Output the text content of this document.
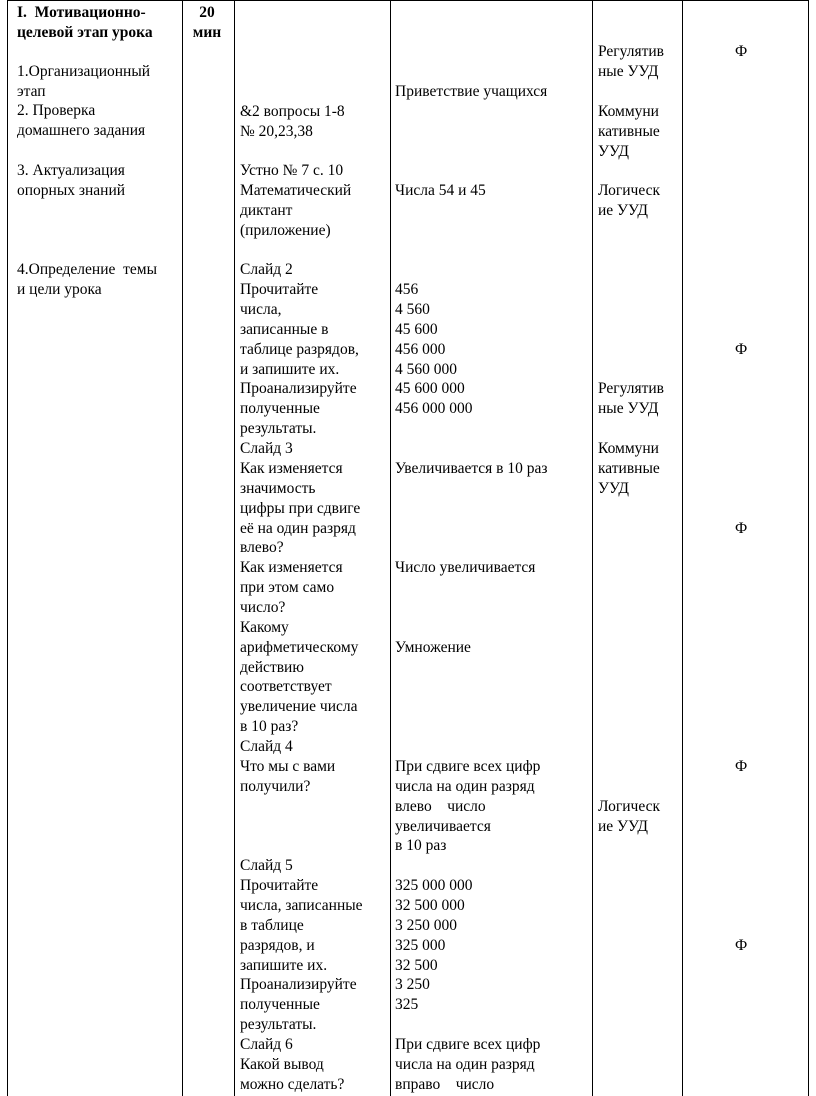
I.  Мотивационно-
целевой этап урока
1.Организационный
этап
2. Проверка
домашнего задания
3. Актуализация
опорных знаний
4.Определение  темы
и цели урока
20
мин
&2 вопросы 1-8
№ 20,23,38
Устно № 7 с. 10
Математический
диктант
(приложение)
Слайд 2
Прочитайте
числа,
записанные в
таблице разрядов,
и запишите их.
Проанализируйте
полученные
результаты.
Слайд 3
Как изменяется
значимость
цифры при сдвиге
её на один разряд
влево?
Как изменяется
при этом само
число?
Какому
арифметическому
действию
соответствует
увеличение числа
в 10 раз?
Слайд 4
Что мы с вами
получили?
Слайд 5
Прочитайте
числа, записанные
в таблице
разрядов, и
запишите их.
Проанализируйте
полученные
результаты.
Слайд 6
Какой вывод
можно сделать?
Приветствие учащихся
Числа 54 и 45
456
4 560
45 600
456 000
4 560 000
45 600 000
456 000 000
Увеличивается в 10 раз
Число увеличивается
Умножение
При сдвиге всех цифр
числа на один разряд
влево    число
увеличивается
в 10 раз
325 000 000
32 500 000
3 250 000
325 000
32 500
3 250
325
При сдвиге всех цифр
числа на один разряд
вправо    число
Регулятив
ные УУД
Коммуни
кативные
УУД
Логическ
ие УУД
Регулятив
ные УУД
Коммуни
кативные
УУД
Логическ
ие УУД
Ф
Ф
Ф
Ф
Ф
